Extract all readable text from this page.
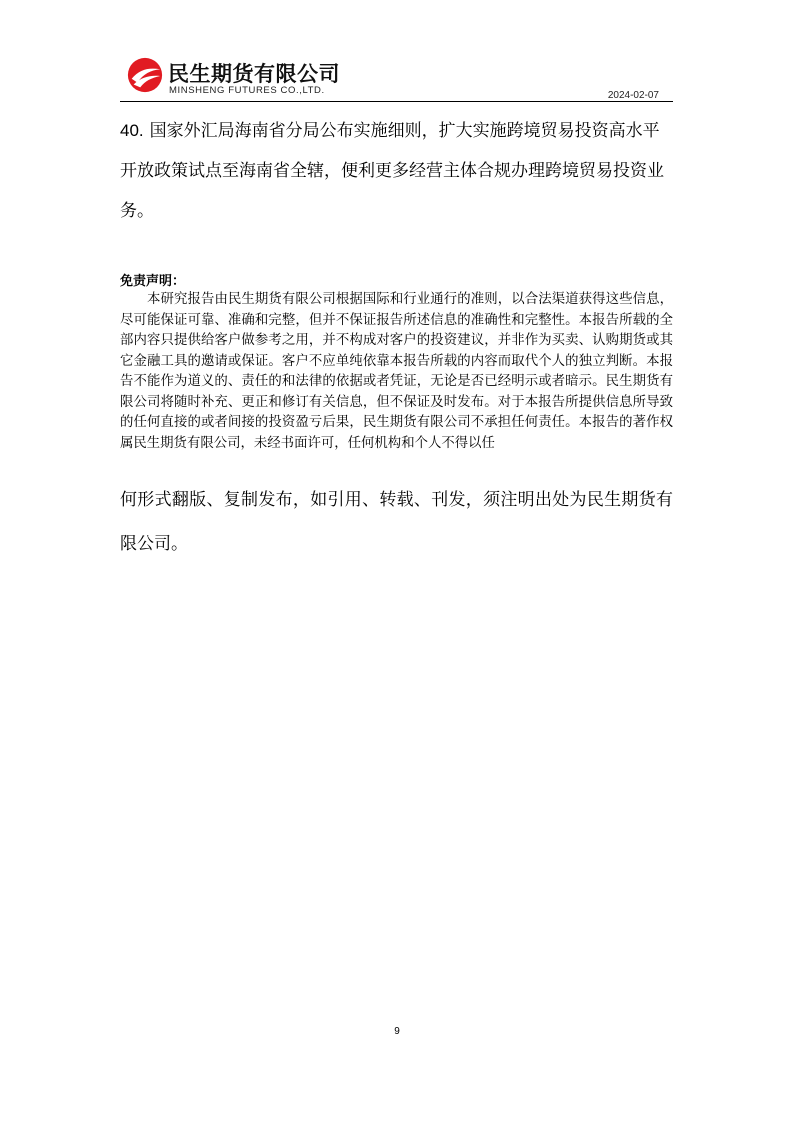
民生期货有限公司
MINSHENG FUTURES CO.,LTD.	2024-02-07
40. 国家外汇局海南省分局公布实施细则，扩大实施跨境贸易投资高水平开放政策试点至海南省全辖，便利更多经营主体合规办理跨境贸易投资业务。
免责声明：
本研究报告由民生期货有限公司根据国际和行业通行的准则，以合法渠道获得这些信息，尽可能保证可靠、准确和完整，但并不保证报告所述信息的准确性和完整性。本报告所载的全部内容只提供给客户做参考之用，并不构成对客户的投资建议，并非作为买卖、认购期货或其它金融工具的邀请或保证。客户不应单纯依靠本报告所载的内容而取代个人的独立判断。本报告不能作为道义的、责任的和法律的依据或者凭证，无论是否已经明示或者暗示。民生期货有限公司将随时补充、更正和修订有关信息，但不保证及时发布。对于本报告所提供信息所导致的任何直接的或者间接的投资盈亏后果，民生期货有限公司不承担任何责任。本报告的著作权属民生期货有限公司，未经书面许可，任何机构和个人不得以任
何形式翻版、复制发布，如引用、转载、刊发，须注明出处为民生期货有限公司。
9
